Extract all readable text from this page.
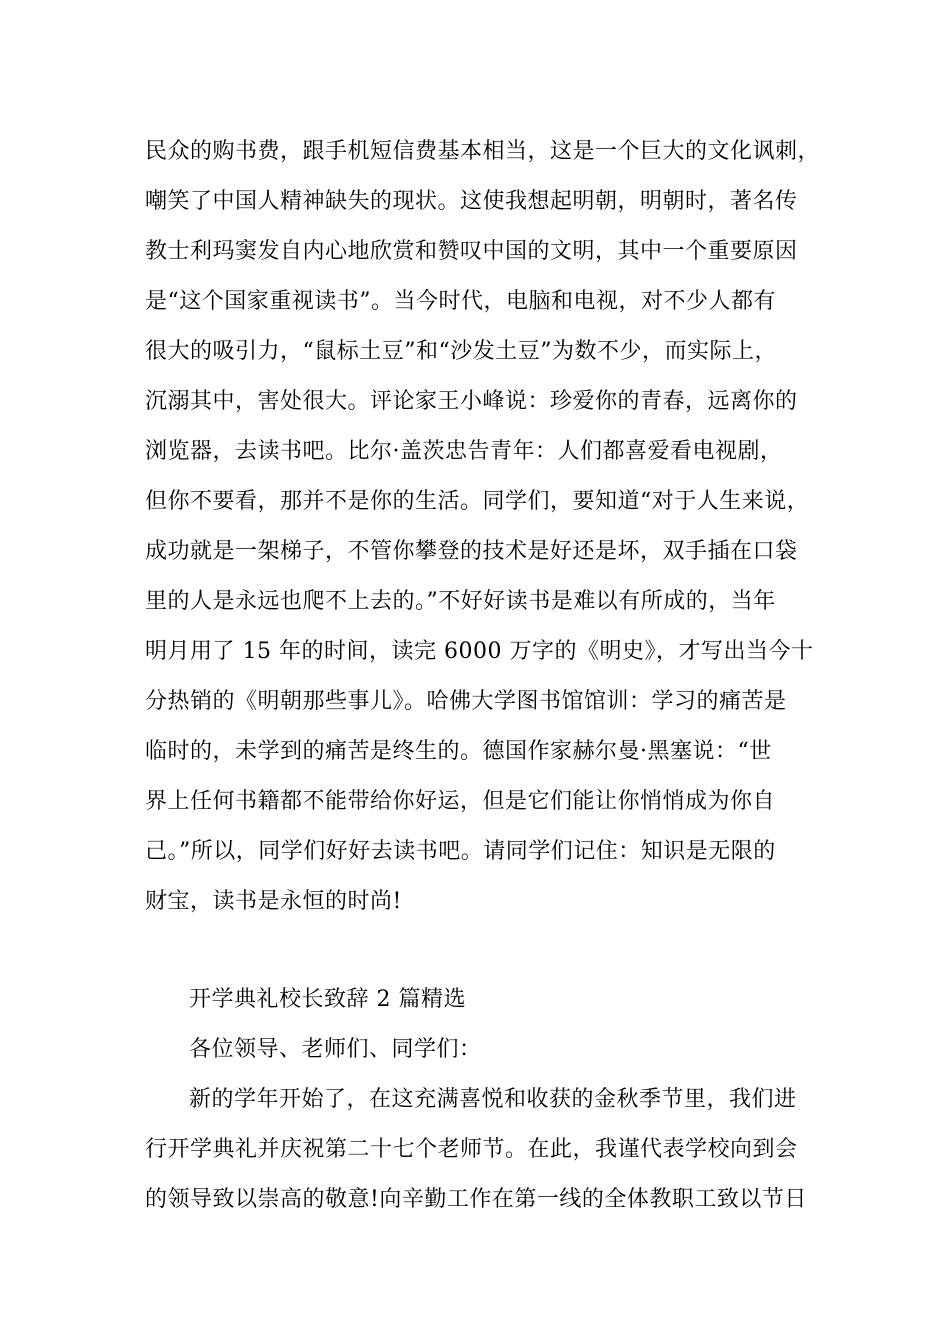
民众的购书费，跟手机短信费基本相当，这是一个巨大的文化讽刺，
嘲笑了中国人精神缺失的现状。这使我想起明朝，明朝时，著名传
教士利玛窦发自内心地欣赏和赞叹中国的文明，其中一个重要原因
是“这个国家重视读书”。当今时代，电脑和电视，对不少人都有
很大的吸引力，“鼠标土豆”和“沙发土豆”为数不少，而实际上，
沉溺其中，害处很大。评论家王小峰说：珍爱你的青春，远离你的
浏览器，去读书吧。比尔·盖茨忠告青年：人们都喜爱看电视剧，
但你不要看，那并不是你的生活。同学们，要知道“对于人生来说，
成功就是一架梯子，不管你攀登的技术是好还是坏，双手插在口袋
里的人是永远也爬不上去的。”不好好读书是难以有所成的，当年
明月用了 15 年的时间，读完 6000 万字的《明史》，才写出当今十
分热销的《明朝那些事儿》。哈佛大学图书馆馆训：学习的痛苦是
临时的，未学到的痛苦是终生的。德国作家赫尔曼·黑塞说：“世
界上任何书籍都不能带给你好运，但是它们能让你悄悄成为你自
己。”所以，同学们好好去读书吧。请同学们记住：知识是无限的
财宝，读书是永恒的时尚!
开学典礼校长致辞 2 篇精选
各位领导、老师们、同学们：
新的学年开始了，在这充满喜悦和收获的金秋季节里，我们进
行开学典礼并庆祝第二十七个老师节。在此，我谨代表学校向到会
的领导致以崇高的敬意!向辛勤工作在第一线的全体教职工致以节日
